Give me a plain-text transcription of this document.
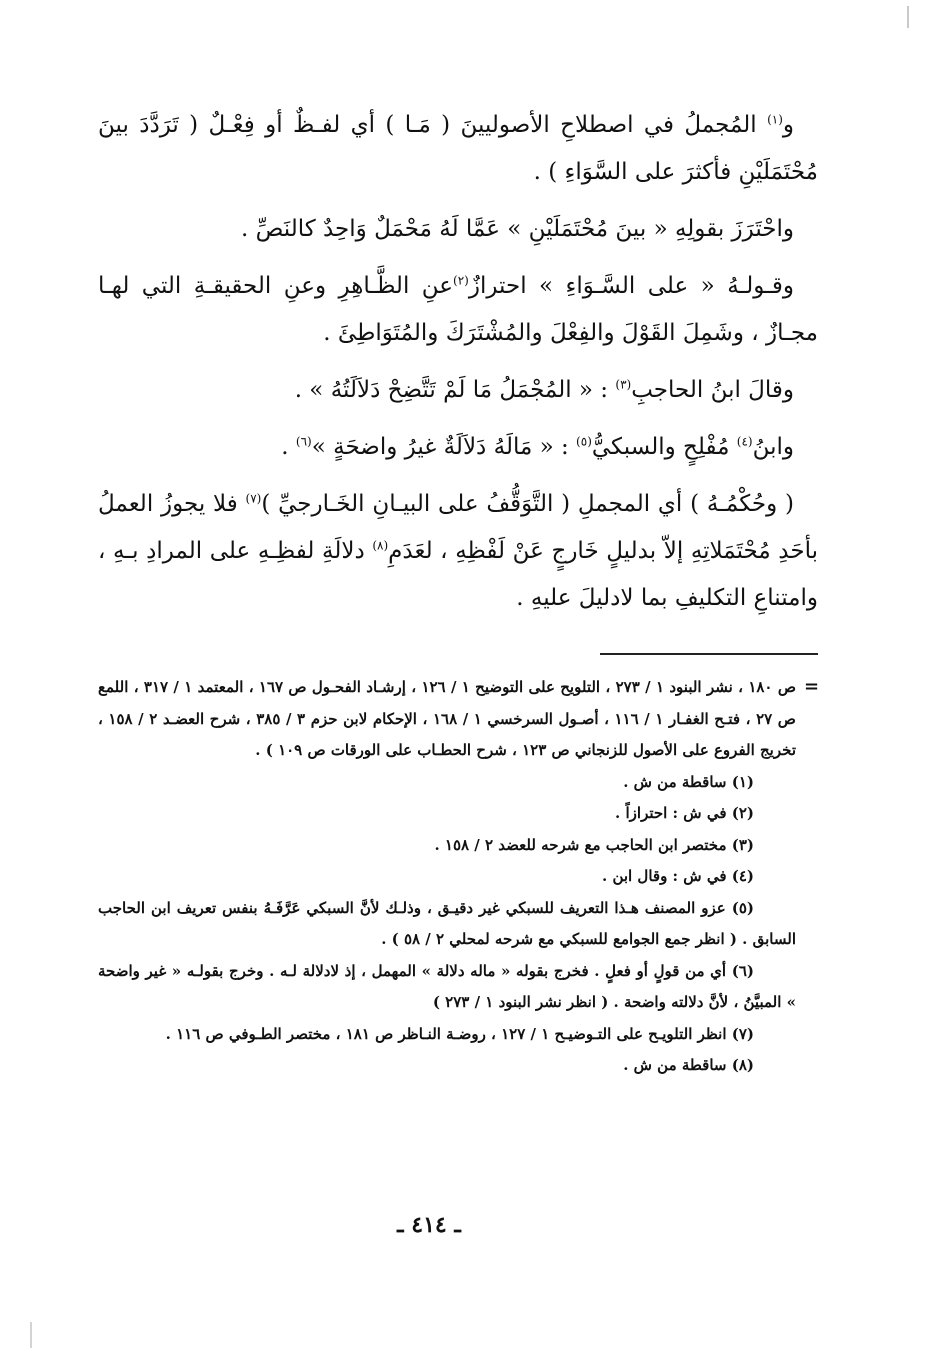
و$^{(١)}$ المُجملُ في اصطلاحِ الأصوليينَ ( مَـا ) أي لفـظٌ أو فِعْـلٌ ( تَرَدَّدَ بينَ مُحْتَمَلَيْنِ فأكثرَ على السَّوَاءِ ) .

واحْتَرَزَ بقولِهِ « بينَ مُحْتَمَلَيْنِ » عَمَّا لَهُ مَحْمَلٌ وَاحِدٌ كالنَصِّ .

وقـولـهُ « على السَّـوَاءِ » احترازٌ$^{(٢)}$عنِ الظَّـاهِرِ وعنِ الحقيقـةِ التي لهـا مجـازٌ ، وشَمِلَ القَوْلَ والفِعْلَ والمُشْتَرَكَ والمُتَوَاطِئَ .

وقالَ ابنُ الحاجبِ$^{(٣)}$ : « المُجْمَلُ مَا لَمْ تَتَّضِحْ دَلاَلَتُهُ » .

وابنُ$^{(٤)}$ مُفْلِحٍ والسبكيُّ$^{(٥)}$ : « مَالَهُ دَلاَلَةٌ غيرُ واضحَةٍ »$^{(٦)}$ .

( وحُكْمُـهُ ) أي المجملِ ( التَّوَقُّفُ على البيـانِ الخَـارجيِّ )$^{(٧)}$ فلا يجوزُ العملُ بأحَدِ مُحْتَمَلاتِهِ إلاّ بدليلٍ خَارجٍ عَنْ لَفْظِهِ ، لعَدَمِ$^{(٨)}$ دلالَةِ لفظِـهِ على المرادِ بـهِ ، وامتناعِ التكليفِ بما لادليلَ عليهِ .

=

ص ١٨٠ ، نشر البنود ١ / ٢٧٣ ، التلويح على التوضيح ١ / ١٢٦ ، إرشـاد الفحـول ص ١٦٧ ، المعتمد ١ / ٣١٧ ، اللمع ص ٢٧ ، فتـح الغفـار ١ / ١١٦ ، أصـول السرخسي ١ / ١٦٨ ، الإحكام لابن حزم ٣ / ٣٨٥ ، شرح العضـد ٢ / ١٥٨ ، تخريج الفروع على الأصول للزنجاني ص ١٢٣ ، شرح الحطـاب على الورقات ص ١٠٩ ) .

(١) ساقطة من ش .

(٢) في ش : احترازاً .

(٣) مختصر ابن الحاجب مع شرحه للعضد ٢ / ١٥٨ .

(٤) في ش : وقال ابن .

(٥) عزو المصنف هـذا التعريف للسبكي غير دقيـق ، وذلـك لأنَّ السبكي عَرَّفَـهُ بنفس تعريف ابن الحاجب السابق . ( انظر جمع الجوامع للسبكي مع شرحه لمحلي ٢ / ٥٨ ) .

(٦) أي من قولٍ أو فعلٍ . فخرج بقوله « ماله دلالة » المهمل ، إذ لادلالة لـه . وخرج بقولـه « غير واضحة » المبيَّنُ ، لأنَّ دلالته واضحة . ( انظر نشر البنود ١ / ٢٧٣ )

(٧) انظر التلويـح على التـوضيـح ١ / ١٢٧ ، روضـة النـاظر ص ١٨١ ، مختصر الطـوفي ص ١١٦ .

(٨) ساقطة من ش .

ـ ٤١٤ ـ
